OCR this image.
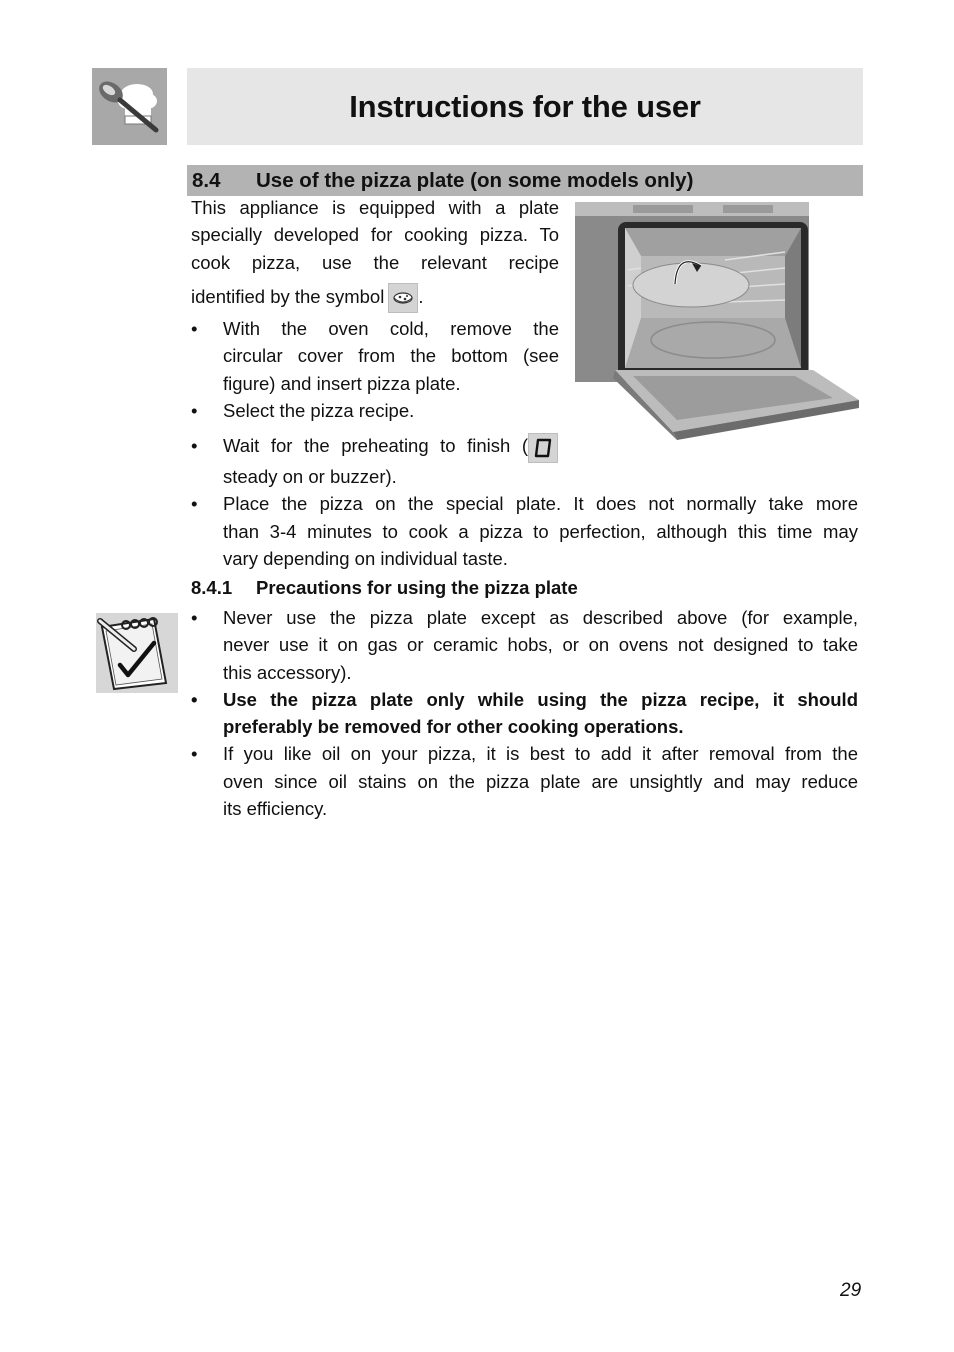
Instructions for the user
8.4 Use of the pizza plate (on some models only)
This appliance is equipped with a plate
specially developed for cooking pizza. To
cook pizza, use the relevant recipe
identified by the symbol .
• With the oven cold, remove the
circular cover from the bottom (see
figure) and insert pizza plate.
• Select the pizza recipe.
• Wait for the preheating to finish (
steady on or buzzer).
• Place the pizza on the special plate. It does not normally take more
than 3-4 minutes to cook a pizza to perfection, although this time may
vary depending on individual taste.
8.4.1 Precautions for using the pizza plate
• Never use the pizza plate except as described above (for example,
never use it on gas or ceramic hobs, or on ovens not designed to take
this accessory).
• Use the pizza plate only while using the pizza recipe, it should
preferably be removed for other cooking operations.
• If you like oil on your pizza, it is best to add it after removal from the
oven since oil stains on the pizza plate are unsightly and may reduce
its efficiency.
29
